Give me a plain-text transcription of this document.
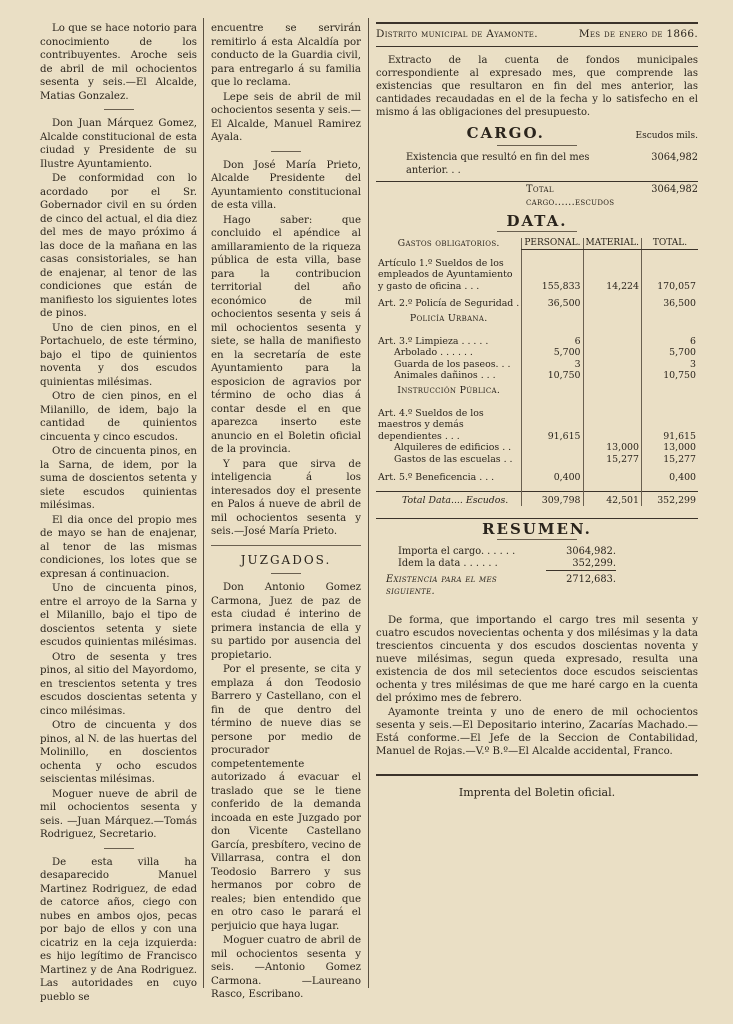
Lo que se hace notorio para conocimiento de los contribuyentes. Aroche seis de abril de mil ochocientos sesenta y seis.—El Alcalde, Matias Gonzalez.

Don Juan Márquez Gomez, Alcalde constitucional de esta ciudad y Presidente de su Ilustre Ayuntamiento.

De conformidad con lo acordado por el Sr. Gobernador civil en su órden de cinco del actual, el dia diez del mes de mayo próximo á las doce de la mañana en las casas consistoriales, se han de enajenar, al tenor de las condiciones que están de manifiesto los siguientes lotes de pinos.

Uno de cien pinos, en el Portachuelo, de este término, bajo el tipo de quinientos noventa y dos escudos quinientas milésimas.

Otro de cien pinos, en el Milanillo, de idem, bajo la cantidad de quinientos cincuenta y cinco escudos.

Otro de cincuenta pinos, en la Sarna, de idem, por la suma de doscientos setenta y siete escudos quinientas milésimas.

El dia once del propio mes de mayo se han de enajenar, al tenor de las mismas condiciones, los lotes que se expresan á continuacion.

Uno de cincuenta pinos, entre el arroyo de la Sarna y el Milanillo, bajo el tipo de doscientos setenta y siete escudos quinientas milésimas.

Otro de sesenta y tres pinos, al sitio del Mayordomo, en trescientos setenta y tres escudos doscientas setenta y cinco milésimas.

Otro de cincuenta y dos pinos, al N. de las huertas del Molinillo, en doscientos ochenta y ocho escudos seiscientas milésimas.

Moguer nueve de abril de mil ochocientos sesenta y seis. —Juan Márquez.—Tomás Rodriguez, Secretario.

De esta villa ha desaparecido Manuel Martinez Rodriguez, de edad de catorce años, ciego con nubes en ambos ojos, pecas por bajo de ellos y con una cicatriz en la ceja izquierda: es hijo legítimo de Francisco Martinez y de Ana Rodriguez. Las autoridades en cuyo pueblo se

encuentre se servirán remitirlo á esta Alcaldía por conducto de la Guardia civil, para entregarlo á su familia que lo reclama.

Lepe seis de abril de mil ochocientos sesenta y seis.— El Alcalde, Manuel Ramirez Ayala.

Don José María Prieto, Alcalde Presidente del Ayuntamiento constitucional de esta villa.

Hago saber: que concluido el apéndice al amillaramiento de la riqueza pública de esta villa, base para la contribucion territorial del año económico de mil ochocientos sesenta y seis á mil ochocientos sesenta y siete, se halla de manifiesto en la secretaría de este Ayuntamiento para la esposicion de agravios por término de ocho dias á contar desde el en que aparezca inserto este anuncio en el Boletin oficial de la provincia.

Y para que sirva de inteligencia á los interesados doy el presente en Palos á nueve de abril de mil ochocientos sesenta y seis.—José María Prieto.

JUZGADOS.

Don Antonio Gomez Carmona, Juez de paz de esta ciudad é interino de primera instancia de ella y su partido por ausencia del propietario.

Por el presente, se cita y emplaza á don Teodosio Barrero y Castellano, con el fin de que dentro del término de nueve dias se persone por medio de procurador competentemente autorizado á evacuar el traslado que se le tiene conferido de la demanda incoada en este Juzgado por don Vicente Castellano García, presbítero, vecino de Villarrasa, contra el don Teodosio Barrero y sus hermanos por cobro de reales; bien entendido que en otro caso le parará el perjuicio que haya lugar.

Moguer cuatro de abril de mil ochocientos sesenta y seis. —Antonio Gomez Carmona. —Laureano Rasco, Escribano.

Distrito municipal de Ayamonte.	Mes de enero de 1866.

Extracto de la cuenta de fondos municipales correspondiente al expresado mes, que comprende las existencias que resultaron en fin del mes anterior, las cantidades recaudadas en el de la fecha y lo satisfecho en el mismo á las obligaciones del presupuesto.

CARGO.	Escudos mils.
Existencia que resultó en fin del mes anterior. . .
3064,982
Total cargo......escudos
3064,982
DATA.
Gastos obligatorios.	PERSONAL.	MATERIAL.	TOTAL.

Artículo 1.º Sueldos de los empleados de Ayuntamiento y gasto de oficina . . .	155,833	14,224	170,057

Art. 2.º Policía de Seguridad .	36,500		36,500
Policía Urbana.			

Art. 3.º Limpieza . . . . .	6		6
Arbolado . . . . . .	5,700		5,700
Guarda de los paseos. . .	3		3
Animales dañinos . . .	10,750		10,750
Instrucción Pública.			

Art. 4.º Sueldos de los maestros y demás dependientes . . .	91,615		91,615
Alquileres de edificios . .		13,000	13,000
Gastos de las escuelas . .		15,277	15,277

Art. 5.º Beneficencia . . .	0,400		0,400

Total Data.... Escudos.	309,798	42,501	352,299
RESUMEN.
Importa el cargo. . . . . .	3064,982.
Idem la data . . . . . .	352,299.
Existencia para el mes siguiente.
2712,683.

De forma, que importando el cargo tres mil sesenta y cuatro escudos novecientas ochenta y dos milésimas y la data trescientos cincuenta y dos escudos doscientas noventa y nueve milésimas, segun queda expresado, resulta una existencia de dos mil setecientos doce escudos seiscientas ochenta y tres milésimas de que me haré cargo en la cuenta del próximo mes de febrero.

Ayamonte treinta y uno de enero de mil ochocientos sesenta y seis.—El Depositario interino, Zacarías Machado.—Está conforme.—El Jefe de la Seccion de Contabilidad, Manuel de Rojas.—V.º B.º—El Alcalde accidental, Franco.

Imprenta del Boletin oficial.
